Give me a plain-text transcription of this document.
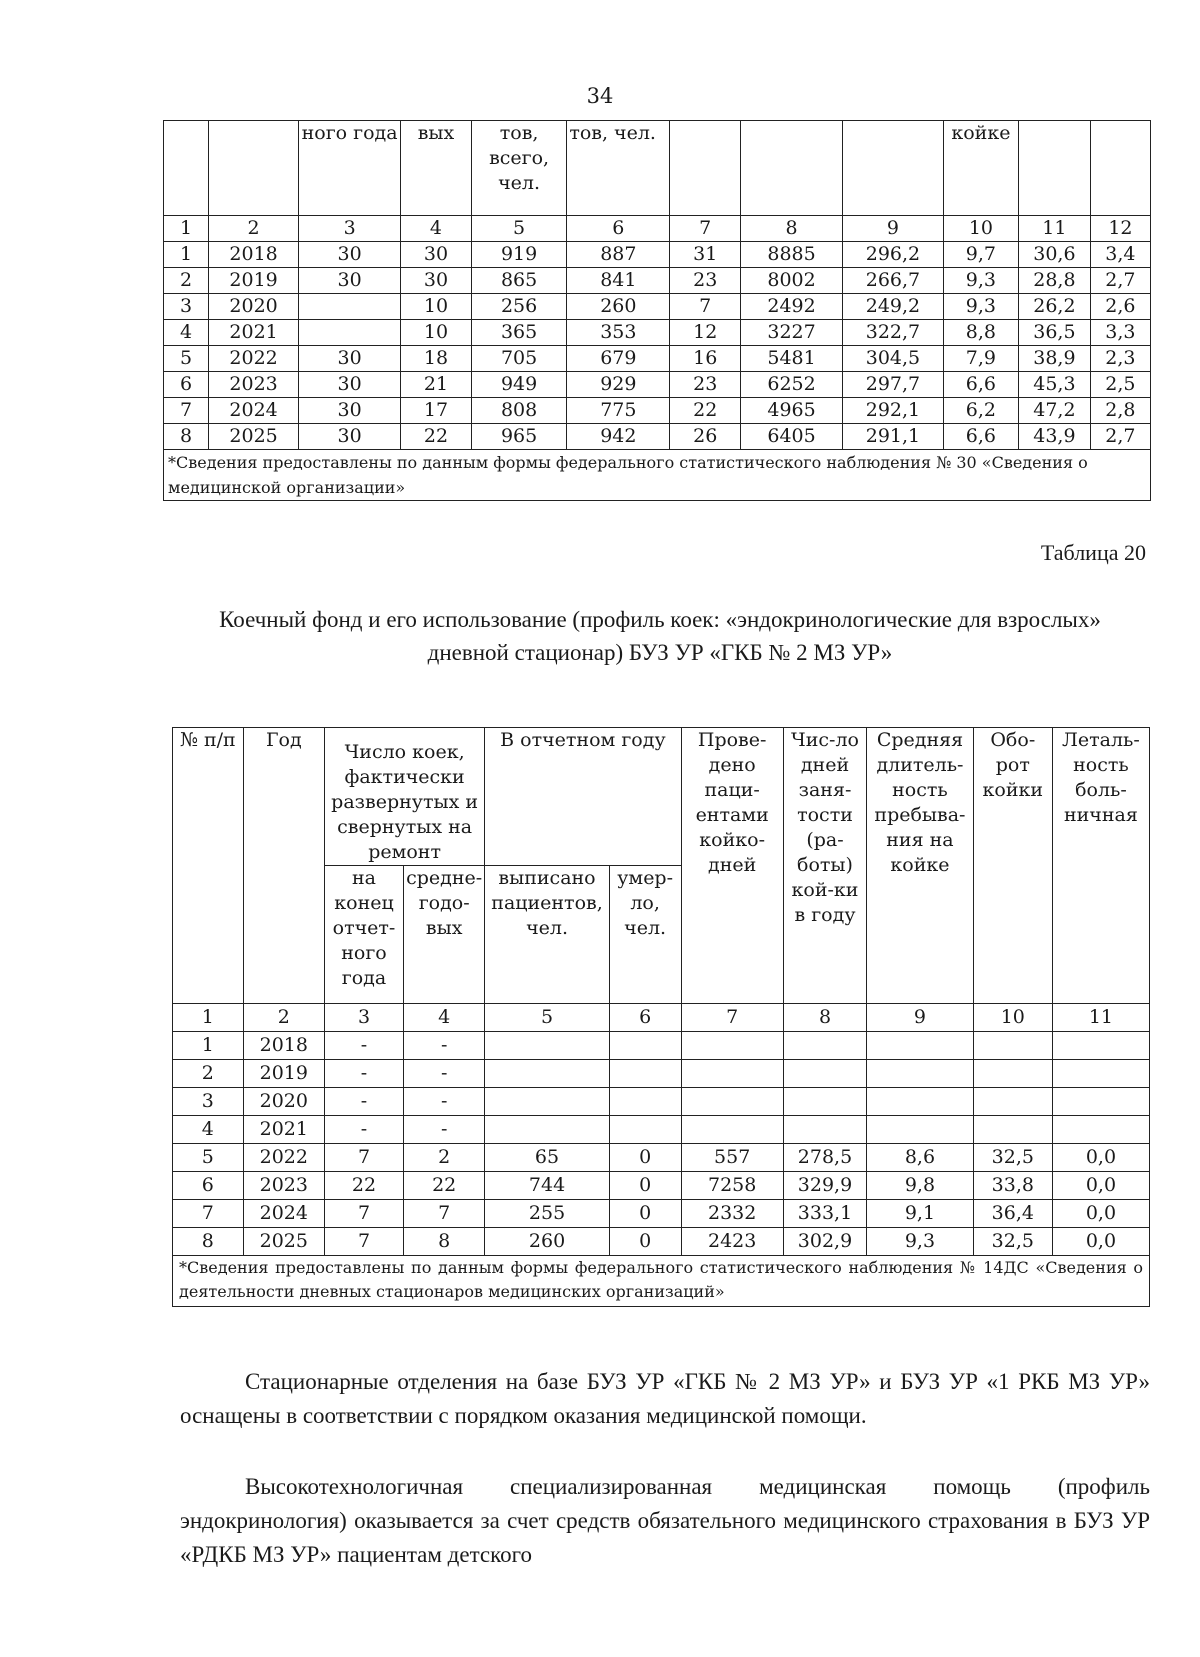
34
		ного года	вых	тов, всего, чел.	тов, чел.				койке		
1	2	3	4	5	6	7	8	9	10	11	12
1	2018	30	30	919	887	31	8885	296,2	9,7	30,6	3,4
2	2019	30	30	865	841	23	8002	266,7	9,3	28,8	2,7
3	2020		10	256	260	7	2492	249,2	9,3	26,2	2,6
4	2021		10	365	353	12	3227	322,7	8,8	36,5	3,3
5	2022	30	18	705	679	16	5481	304,5	7,9	38,9	2,3
6	2023	30	21	949	929	23	6252	297,7	6,6	45,3	2,5
7	2024	30	17	808	775	22	4965	292,1	6,2	47,2	2,8
8	2025	30	22	965	942	26	6405	291,1	6,6	43,9	2,7
*Сведения предоставлены по данным формы федерального статистического наблюдения № 30 «Сведения о медицинской организации»											
Таблица 20
Коечный фонд и его использование (профиль коек: «эндокринологические для взрослых» дневной стационар) БУЗ УР «ГКБ № 2 МЗ УР»
№ п/п	Год	Число коек, фактически развернутых и свернутых на ремонт		В отчетном году		Прове-дено паци-ентами койко-дней	Чис-ло дней заня-тости (ра-боты) кой-ки в году	Средняя длитель-ность пребыва-ния на койке	Обо-рот койки	Леталь-ность боль-ничная
		на конец отчет-ного года	средне-годо-вых	выписано пациентов, чел.	умер-ло, чел.					
1	2	3	4	5	6	7	8	9	10	11
1	2018	-	-							
2	2019	-	-							
3	2020	-	-							
4	2021	-	-							
5	2022	7	2	65	0	557	278,5	8,6	32,5	0,0
6	2023	22	22	744	0	7258	329,9	9,8	33,8	0,0
7	2024	7	7	255	0	2332	333,1	9,1	36,4	0,0
8	2025	7	8	260	0	2423	302,9	9,3	32,5	0,0
*Сведения предоставлены по данным формы федерального статистического наблюдения № 14ДС «Сведения о деятельности дневных стационаров медицинских организаций»										

Стационарные отделения на базе БУЗ УР «ГКБ № 2 МЗ УР» и БУЗ УР «1 РКБ МЗ УР» оснащены в соответствии с порядком оказания медицинской помощи.

Высокотехнологичная специализированная медицинская помощь (профиль эндокринология) оказывается за счет средств обязательного медицинского страхования в БУЗ УР «РДКБ МЗ УР» пациентам детского
